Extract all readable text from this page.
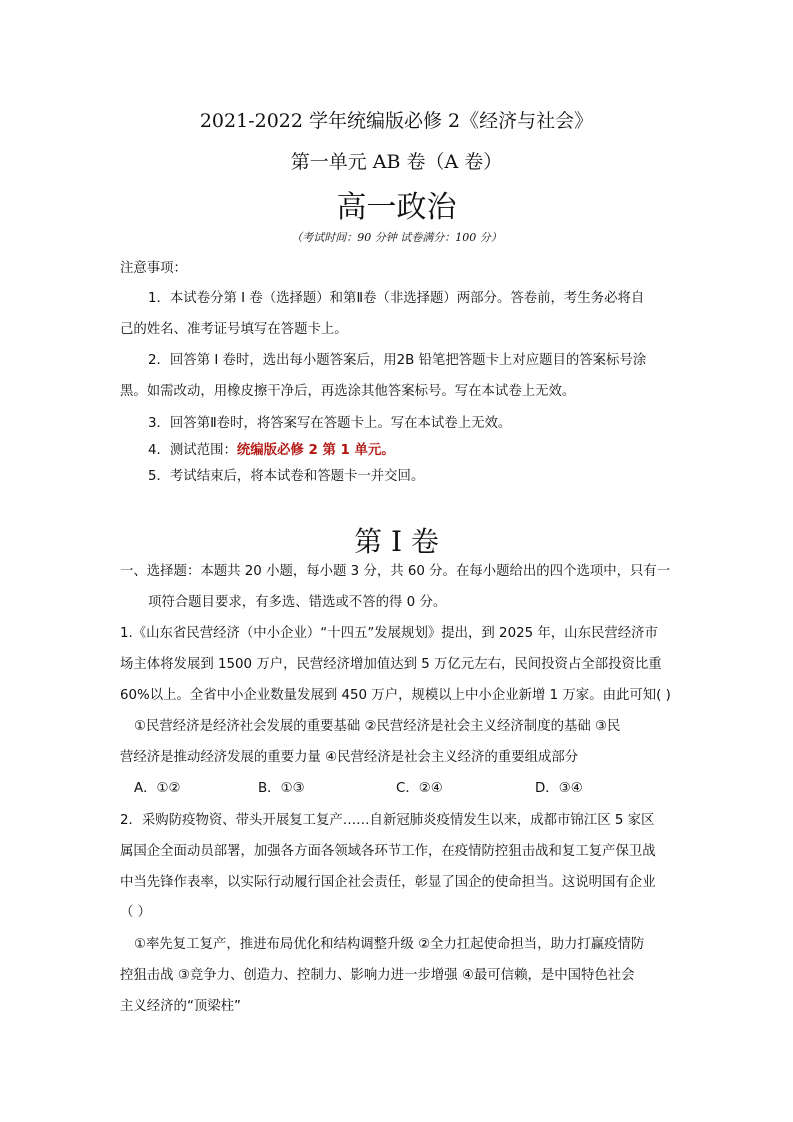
2021-2022 学年统编版必修 2《经济与社会》
第一单元 AB 卷（A 卷）
高一政治
（考试时间：90 分钟 试卷满分：100 分）
注意事项：
1．本试卷分第 I 卷（选择题）和第Ⅱ卷（非选择题）两部分。答卷前，考生务必将自
己的姓名、准考证号填写在答题卡上。
2．回答第 I 卷时，选出每小题答案后，用2B 铅笔把答题卡上对应题目的答案标号涂
黑。如需改动，用橡皮擦干净后，再选涂其他答案标号。写在本试卷上无效。
3．回答第Ⅱ卷时，将答案写在答题卡上。写在本试卷上无效。
4．测试范围：统编版必修 2 第 1 单元。
5．考试结束后，将本试卷和答题卡一并交回。
第 I 卷
一、选择题：本题共 20 小题，每小题 3 分，共 60 分。在每小题给出的四个选项中，只有一
项符合题目要求，有多选、错选或不答的得 0 分。
1.《山东省民营经济（中小企业）“十四五”发展规划》提出，到 2025 年，山东民营经济市
场主体将发展到 1500 万户，民营经济增加值达到 5 万亿元左右，民间投资占全部投资比重
60%以上。全省中小企业数量发展到 450 万户，规模以上中小企业新增 1 万家。由此可知( )
①民营经济是经济社会发展的重要基础 ②民营经济是社会主义经济制度的基础 ③民
营经济是推动经济发展的重要力量 ④民营经济是社会主义经济的重要组成部分
A．①②	B．①③	C．②④	D．③④
2．采购防疫物资、带头开展复工复产……自新冠肺炎疫情发生以来，成都市锦江区 5 家区
属国企全面动员部署，加强各方面各领域各环节工作，在疫情防控狙击战和复工复产保卫战
中当先锋作表率，以实际行动履行国企社会责任，彰显了国企的使命担当。这说明国有企业
（ ）
①率先复工复产，推进布局优化和结构调整升级 ②全力扛起使命担当，助力打赢疫情防
控狙击战 ③竞争力、创造力、控制力、影响力进一步增强 ④最可信赖，是中国特色社会
主义经济的“顶梁柱”
